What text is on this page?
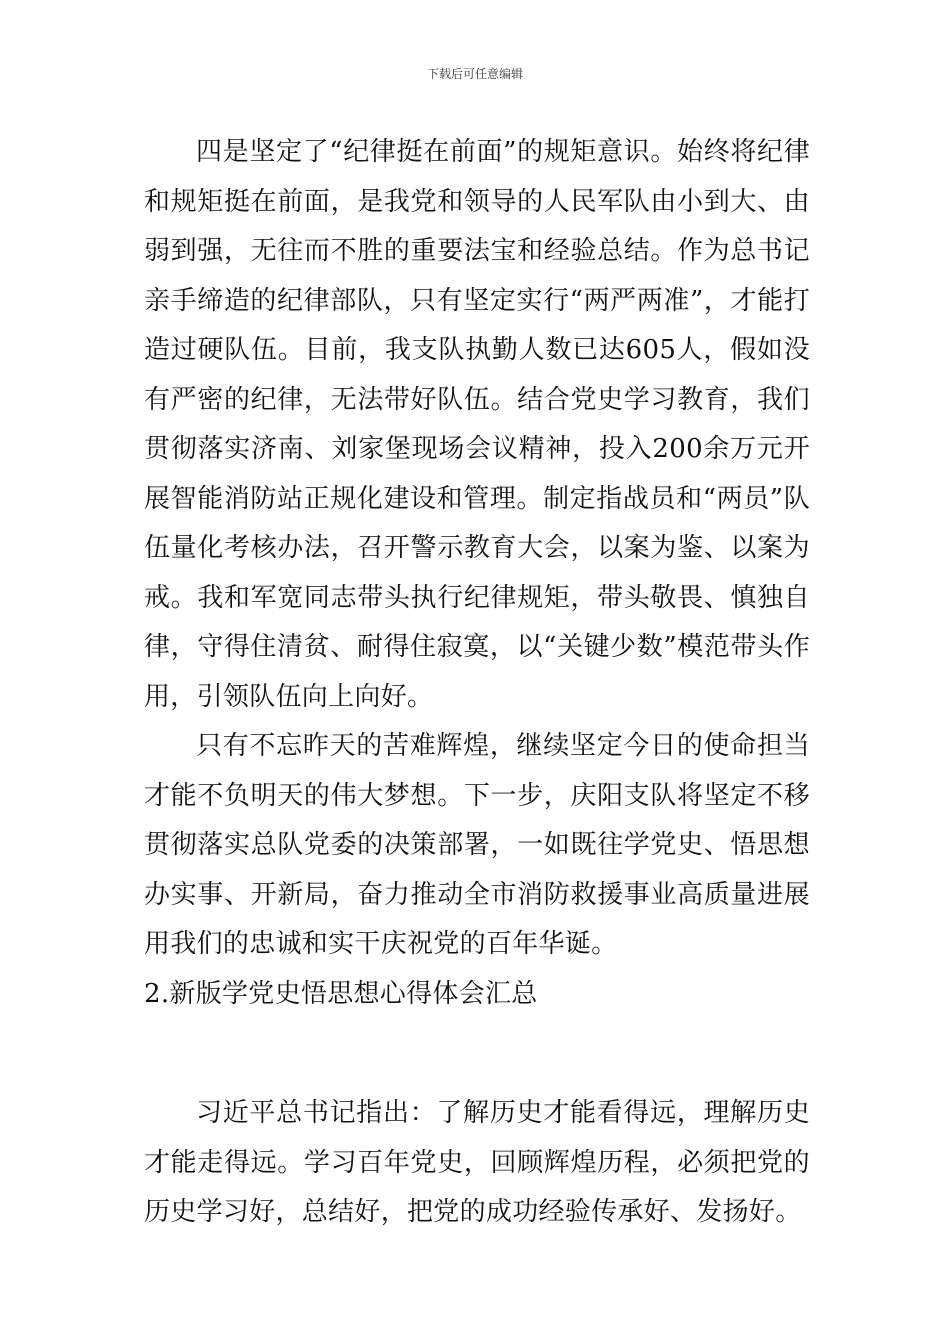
下载后可任意编辑

四是坚定了“纪律挺在前面”的规矩意识。始终将纪律和规矩挺在前面，是我党和领导的人民军队由小到大、由弱到强，无往而不胜的重要法宝和经验总结。作为总书记亲手缔造的纪律部队，只有坚定实行“两严两准”，才能打造过硬队伍。目前，我支队执勤人数已达605人，假如没有严密的纪律，无法带好队伍。结合党史学习教育，我们贯彻落实济南、刘家堡现场会议精神，投入200余万元开展智能消防站正规化建设和管理。制定指战员和“两员”队伍量化考核办法，召开警示教育大会，以案为鉴、以案为戒。我和军宽同志带头执行纪律规矩，带头敬畏、慎独自律，守得住清贫、耐得住寂寞，以“关键少数”模范带头作用，引领队伍向上向好。

只有不忘昨天的苦难辉煌，继续坚定今日的使命担当才能不负明天的伟大梦想。下一步，庆阳支队将坚定不移贯彻落实总队党委的决策部署，一如既往学党史、悟思想办实事、开新局，奋力推动全市消防救援事业高质量进展用我们的忠诚和实干庆祝党的百年华诞。

2.新版学党史悟思想心得体会汇总

习近平总书记指出：了解历史才能看得远，理解历史才能走得远。学习百年党史，回顾辉煌历程，必须把党的历史学习好，总结好，把党的成功经验传承好、发扬好。
